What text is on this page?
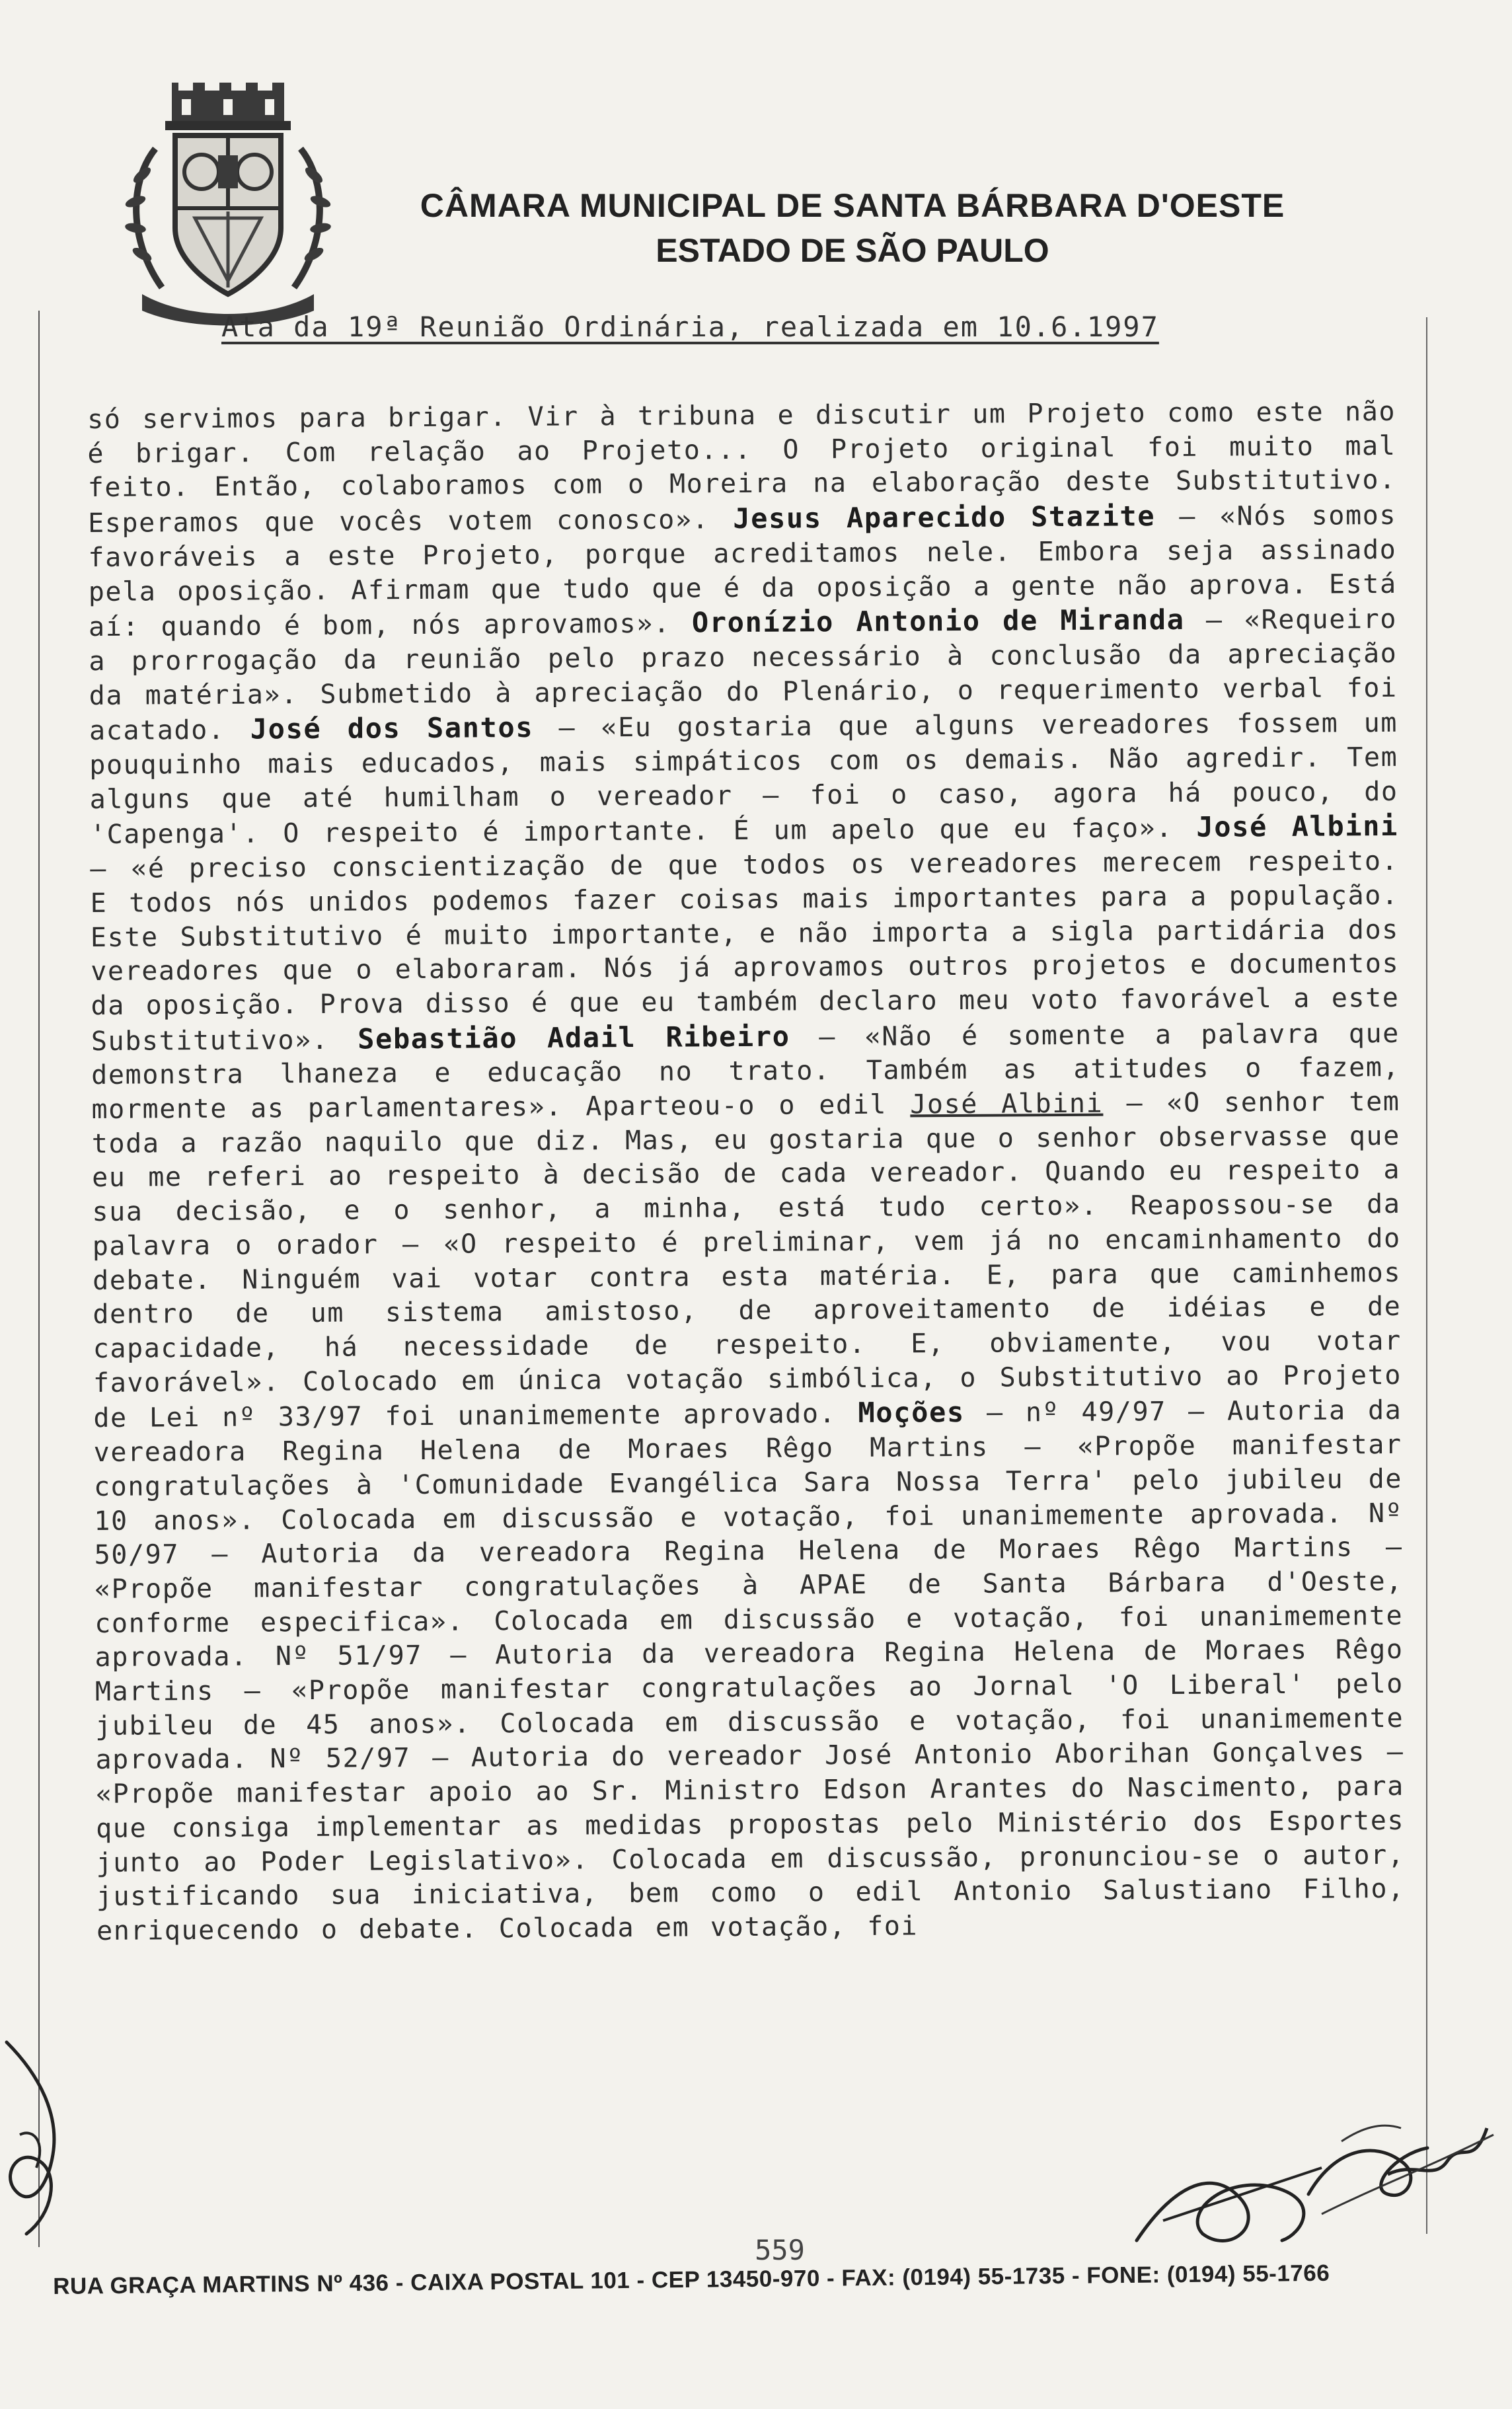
CÂMARA MUNICIPAL DE SANTA BÁRBARA D'OESTE
ESTADO DE SÃO PAULO
Ata da 19ª Reunião Ordinária, realizada em 10.6.1997
só servimos para brigar. Vir à tribuna e discutir um Projeto como este não é brigar. Com relação ao Projeto... O Projeto original foi muito mal feito. Então, colaboramos com o Moreira na elaboração deste Substitutivo. Esperamos que vocês votem conosco». Jesus Aparecido Stazite – «Nós somos favoráveis a este Projeto, porque acreditamos nele. Embora seja assinado pela oposição. Afirmam que tudo que é da oposição a gente não aprova. Está aí: quando é bom, nós aprovamos». Oronízio Antonio de Miranda – «Requeiro a prorrogação da reunião pelo prazo necessário à conclusão da apreciação da matéria». Submetido à apreciação do Plenário, o requerimento verbal foi acatado. José dos Santos – «Eu gostaria que alguns vereadores fossem um pouquinho mais educados, mais simpáticos com os demais. Não agredir. Tem alguns que até humilham o vereador – foi o caso, agora há pouco, do 'Capenga'. O respeito é importante. É um apelo que eu faço». José Albini – «é preciso conscientização de que todos os vereadores merecem respeito. E todos nós unidos podemos fazer coisas mais importantes para a população. Este Substitutivo é muito importante, e não importa a sigla partidária dos vereadores que o elaboraram. Nós já aprovamos outros projetos e documentos da oposição. Prova disso é que eu também declaro meu voto favorável a este Substitutivo». Sebastião Adail Ribeiro – «Não é somente a palavra que demonstra lhaneza e educação no trato. Também as atitudes o fazem, mormente as parlamentares». Aparteou-o o edil José Albini – «O senhor tem toda a razão naquilo que diz. Mas, eu gostaria que o senhor observasse que eu me referi ao respeito à decisão de cada vereador. Quando eu respeito a sua decisão, e o senhor, a minha, está tudo certo». Reapossou-se da palavra o orador – «O respeito é preliminar, vem já no encaminhamento do debate. Ninguém vai votar contra esta matéria. E, para que caminhemos dentro de um sistema amistoso, de aproveitamento de idéias e de capacidade, há necessidade de respeito. E, obviamente, vou votar favorável». Colocado em única votação simbólica, o Substitutivo ao Projeto de Lei nº 33/97 foi unanimemente aprovado. Moções – nº 49/97 – Autoria da vereadora Regina Helena de Moraes Rêgo Martins – «Propõe manifestar congratulações à 'Comunidade Evangélica Sara Nossa Terra' pelo jubileu de 10 anos». Colocada em discussão e votação, foi unanimemente aprovada. Nº 50/97 – Autoria da vereadora Regina Helena de Moraes Rêgo Martins – «Propõe manifestar congratulações à APAE de Santa Bárbara d'Oeste, conforme especifica». Colocada em discussão e votação, foi unanimemente aprovada. Nº 51/97 – Autoria da vereadora Regina Helena de Moraes Rêgo Martins – «Propõe manifestar congratulações ao Jornal 'O Liberal' pelo jubileu de 45 anos». Colocada em discussão e votação, foi unanimemente aprovada. Nº 52/97 – Autoria do vereador José Antonio Aborihan Gonçalves – «Propõe manifestar apoio ao Sr. Ministro Edson Arantes do Nascimento, para que consiga implementar as medidas propostas pelo Ministério dos Esportes junto ao Poder Legislativo». Colocada em discussão, pronunciou-se o autor, justificando sua iniciativa, bem como o edil Antonio Salustiano Filho, enriquecendo o debate. Colocada em votação, foi
559
RUA GRAÇA MARTINS Nº 436 - CAIXA POSTAL 101 - CEP 13450-970 - FAX: (0194) 55-1735 - FONE: (0194) 55-1766
